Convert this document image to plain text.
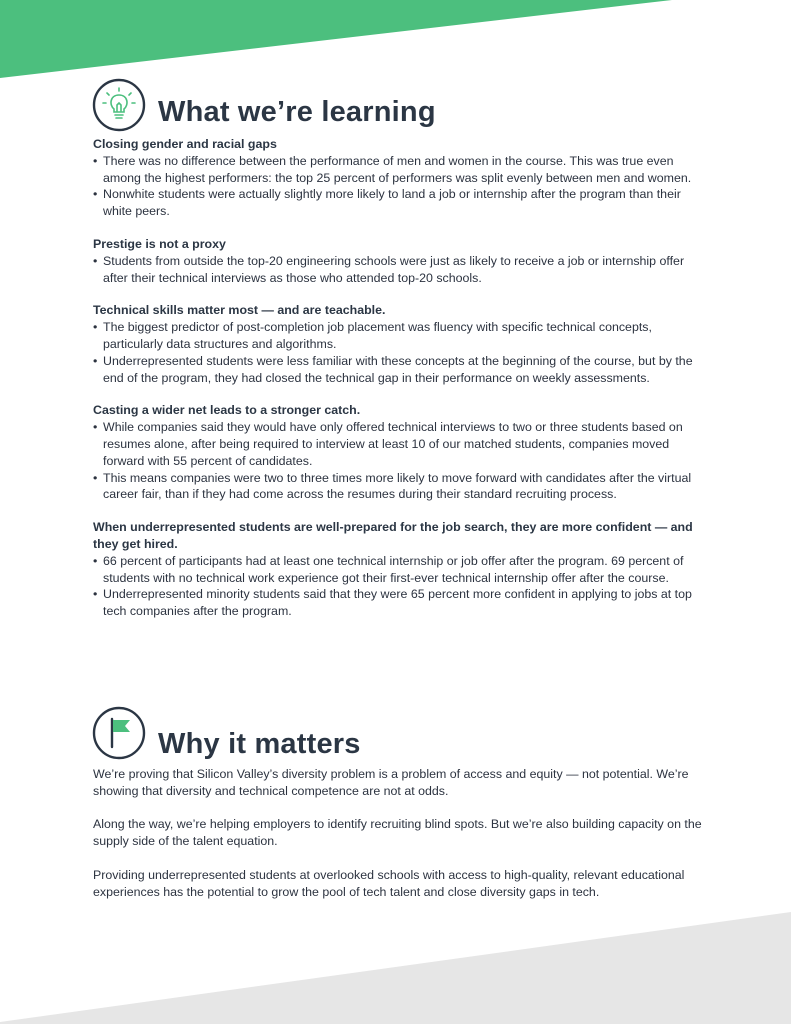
What we’re learning
Closing gender and racial gaps
• There was no difference between the performance of men and women in the course. This was true even among the highest performers: the top 25 percent of performers was split evenly between men and women.
• Nonwhite students were actually slightly more likely to land a job or internship after the program than their white peers.
Prestige is not a proxy
• Students from outside the top-20 engineering schools were just as likely to receive a job or internship offer after their technical interviews as those who attended top-20 schools.
Technical skills matter most — and are teachable.
• The biggest predictor of post-completion job placement was fluency with specific technical concepts, particularly data structures and algorithms.
• Underrepresented students were less familiar with these concepts at the beginning of the course, but by the end of the program, they had closed the technical gap in their performance on weekly assessments.
Casting a wider net leads to a stronger catch.
• While companies said they would have only offered technical interviews to two or three students based on resumes alone, after being required to interview at least 10 of our matched students, companies moved forward with 55 percent of candidates.
• This means companies were two to three times more likely to move forward with candidates after the virtual career fair, than if they had come across the resumes during their standard recruiting process.
When underrepresented students are well-prepared for the job search, they are more confident — and they get hired.
• 66 percent of participants had at least one technical internship or job offer after the program. 69 percent of students with no technical work experience got their first-ever technical internship offer after the course.
• Underrepresented minority students said that they were 65 percent more confident in applying to jobs at top tech companies after the program.
Why it matters

We’re proving that Silicon Valley’s diversity problem is a problem of access and equity — not potential. We’re showing that diversity and technical competence are not at odds.

Along the way, we’re helping employers to identify recruiting blind spots. But we’re also building capacity on the supply side of the talent equation.

Providing underrepresented students at overlooked schools with access to high-quality, relevant educational experiences has the potential to grow the pool of tech talent and close diversity gaps in tech.
